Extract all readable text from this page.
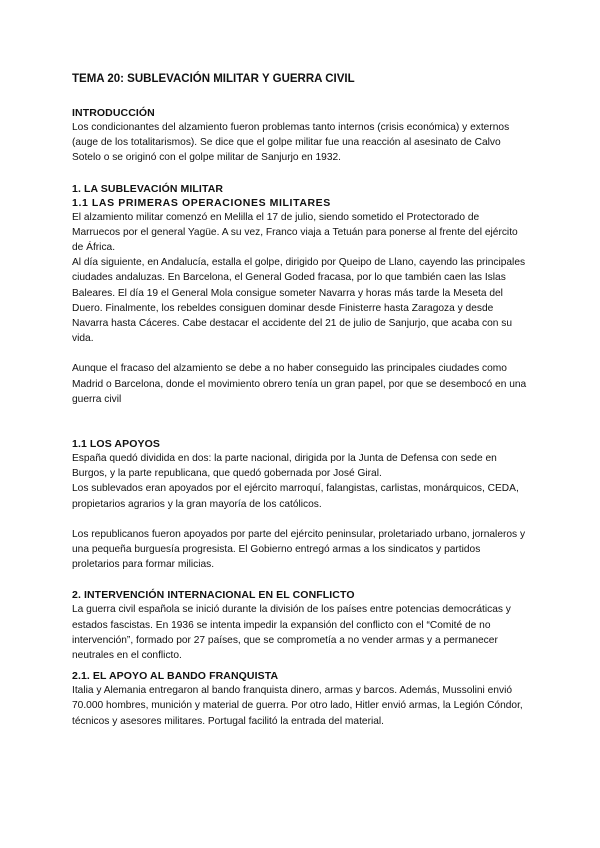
TEMA 20: SUBLEVACIÓN MILITAR Y GUERRA CIVIL
INTRODUCCIÓN

Los condicionantes del alzamiento fueron problemas tanto internos (crisis económica) y externos (auge de los totalitarismos). Se dice que el golpe militar fue una reacción al asesinato de Calvo Sotelo o se originó con el golpe militar de Sanjurjo en 1932.

1. LA SUBLEVACIÓN MILITAR
1.1 LAS PRIMERAS OPERACIONES MILITARES

El alzamiento militar comenzó en Melilla el 17 de julio, siendo sometido el Protectorado de Marruecos por el general Yagüe. A su vez, Franco viaja a Tetuán para ponerse al frente del ejército de África.

Al día siguiente, en Andalucía, estalla el golpe, dirigido por Queipo de Llano, cayendo las principales ciudades andaluzas. En Barcelona, el General Goded fracasa, por lo que también caen las Islas Baleares. El día 19 el General Mola consigue someter Navarra y horas más tarde la Meseta del Duero. Finalmente, los rebeldes consiguen dominar desde Finisterre hasta Zaragoza y desde Navarra hasta Cáceres. Cabe destacar el accidente del 21 de julio de Sanjurjo, que acaba con su vida.

Aunque el fracaso del alzamiento se debe a no haber conseguido las principales ciudades como Madrid o Barcelona, donde el movimiento obrero tenía un gran papel, por que se desembocó en una guerra civil

1.1 LOS APOYOS

España quedó dividida en dos: la parte nacional, dirigida por la Junta de Defensa con sede en Burgos, y la parte republicana, que quedó gobernada por José Giral.

Los sublevados eran apoyados por el ejército marroquí, falangistas, carlistas, monárquicos, CEDA, propietarios agrarios y la gran mayoría de los católicos.

Los republicanos fueron apoyados por parte del ejército peninsular, proletariado urbano, jornaleros y una pequeña burguesía progresista. El Gobierno entregó armas a los sindicatos y partidos proletarios para formar milicias.

2. INTERVENCIÓN INTERNACIONAL EN EL CONFLICTO

La guerra civil española se inició durante la división de los países entre potencias democráticas y estados fascistas. En 1936 se intenta impedir la expansión del conflicto con el “Comité de no intervención”, formado por 27 países, que se comprometía a no vender armas y a permanecer neutrales en el conflicto.

2.1. EL APOYO AL BANDO FRANQUISTA

Italia y Alemania entregaron al bando franquista dinero, armas y barcos. Además, Mussolini envió 70.000 hombres, munición y material de guerra. Por otro lado, Hitler envió armas, la Legión Cóndor, técnicos y asesores militares. Portugal facilitó la entrada del material.
